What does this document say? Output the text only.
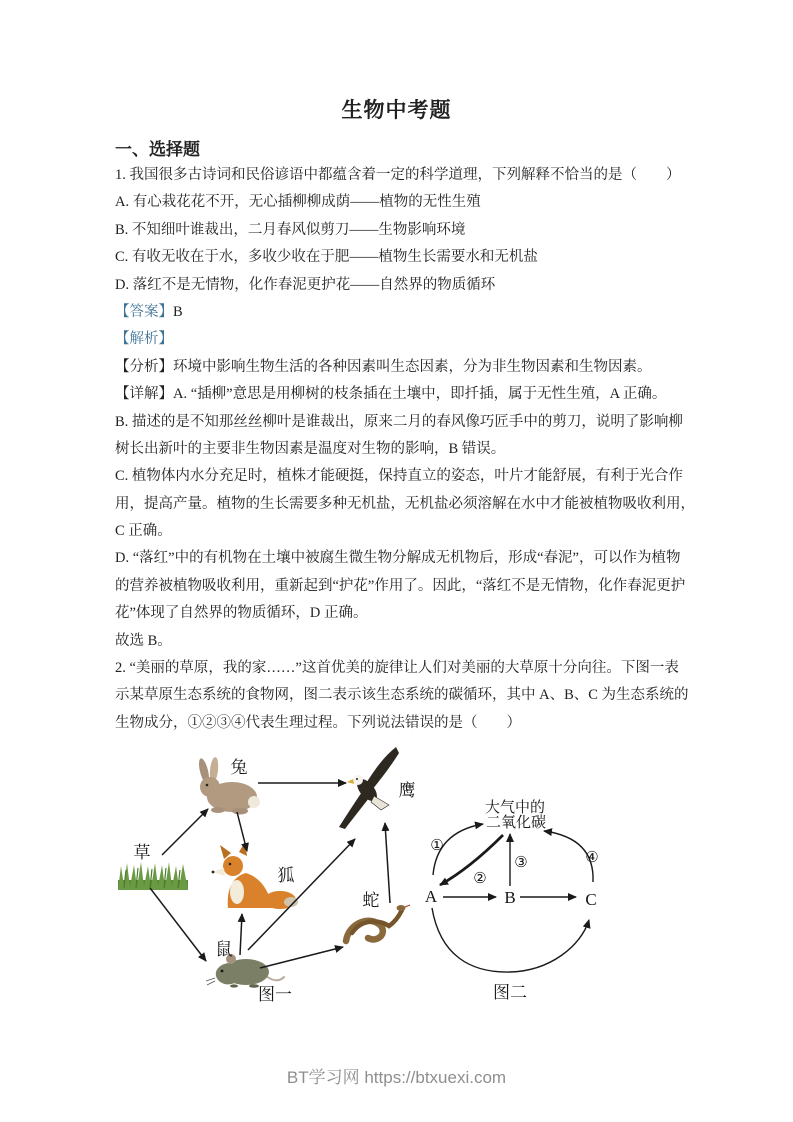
生物中考题
一、选择题
1. 我国很多古诗词和民俗谚语中都蕴含着一定的科学道理，下列解释不恰当的是（　　）
A. 有心栽花花不开，无心插柳柳成荫——植物的无性生殖
B. 不知细叶谁裁出，二月春风似剪刀——生物影响环境
C. 有收无收在于水，多收少收在于肥——植物生长需要水和无机盐
D. 落红不是无情物，化作春泥更护花——自然界的物质循环
【答案】B
【解析】
【分析】环境中影响生物生活的各种因素叫生态因素，分为非生物因素和生物因素。
【详解】A. “插柳”意思是用柳树的枝条插在土壤中，即扦插，属于无性生殖，A 正确。
B. 描述的是不知那丝丝柳叶是谁裁出，原来二月的春风像巧匠手中的剪刀，说明了影响柳
树长出新叶的主要非生物因素是温度对生物的影响，B 错误。
C. 植物体内水分充足时，植株才能硬挺，保持直立的姿态，叶片才能舒展，有利于光合作
用，提高产量。植物的生长需要多种无机盐，无机盐必须溶解在水中才能被植物吸收利用，
C 正确。
D. “落红”中的有机物在土壤中被腐生微生物分解成无机物后，形成“春泥”，可以作为植物
的营养被植物吸收利用，重新起到“护花”作用了。因此，“落红不是无情物，化作春泥更护
花”体现了自然界的物质循环，D 正确。
故选 B。
2. “美丽的草原，我的家……”这首优美的旋律让人们对美丽的大草原十分向往。下图一表
示某草原生态系统的食物网，图二表示该生态系统的碳循环，其中 A、B、C 为生态系统的
生物成分，①②③④代表生理过程。下列说法错误的是（　　）
草
兔
鹰
狐
蛇
鼠
图一
大气中的
二氧化碳
A	B	C
①
②
③	④
图二
BT学习网 https://btxuexi.com
